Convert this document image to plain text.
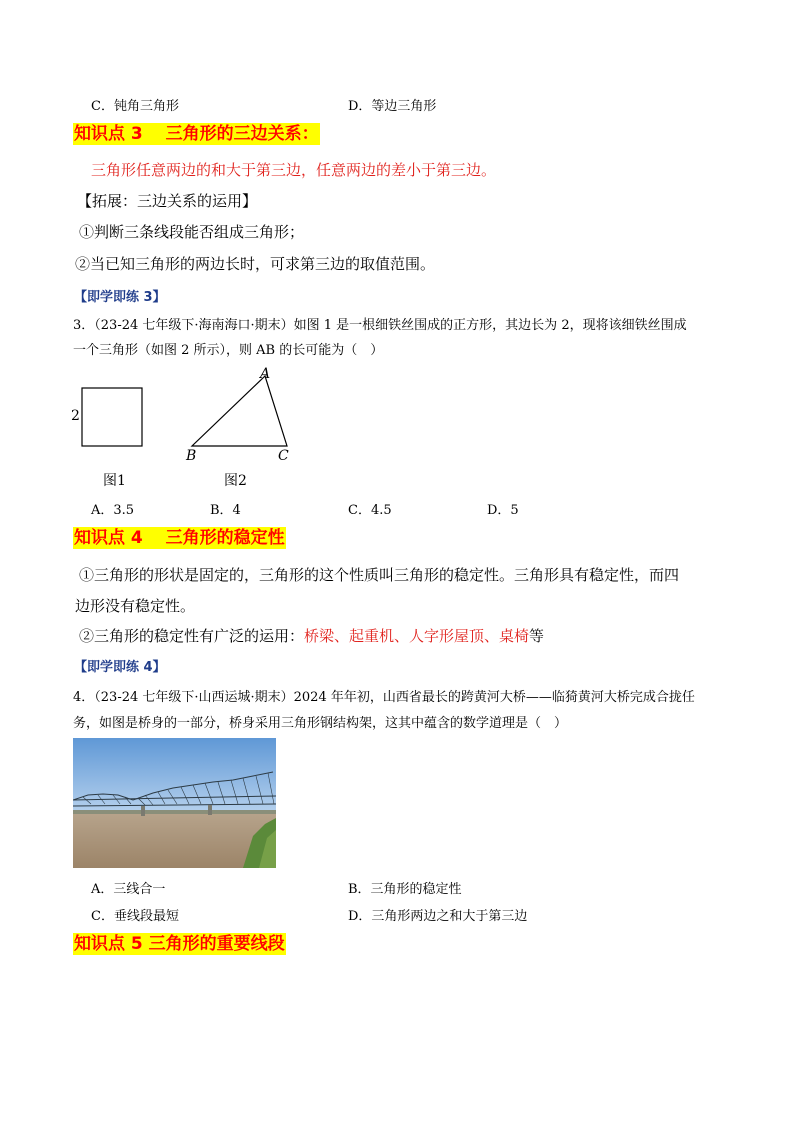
C．钝角三角形	D．等边三角形
知识点 3　 三角形的三边关系：
三角形任意两边的和大于第三边，任意两边的差小于第三边。
【拓展：三边关系的运用】
①判断三条线段能否组成三角形；
②当已知三角形的两边长时，可求第三边的取值范围。
【即学即练 3】
3．（23-24 七年级下·海南海口·期末）如图 1 是一根细铁丝围成的正方形，其边长为 2，现将该细铁丝围成
一个三角形（如图 2 所示），则 AB 的长可能为（　）
2
图1
A
B	C
图2
A．3.5	B．4	C．4.5	D．5
知识点 4　 三角形的稳定性
①三角形的形状是固定的，三角形的这个性质叫三角形的稳定性。三角形具有稳定性，而四
边形没有稳定性。
②三角形的稳定性有广泛的运用：桥梁、起重机、人字形屋顶、桌椅等
【即学即练 4】
4．（23-24 七年级下·山西运城·期末）2024 年年初，山西省最长的跨黄河大桥——临猗黄河大桥完成合拢任
务，如图是桥身的一部分，桥身采用三角形钢结构架，这其中蕴含的数学道理是（　）
A．三线合一	B．三角形的稳定性
C．垂线段最短	D．三角形两边之和大于第三边
知识点 5 三角形的重要线段
